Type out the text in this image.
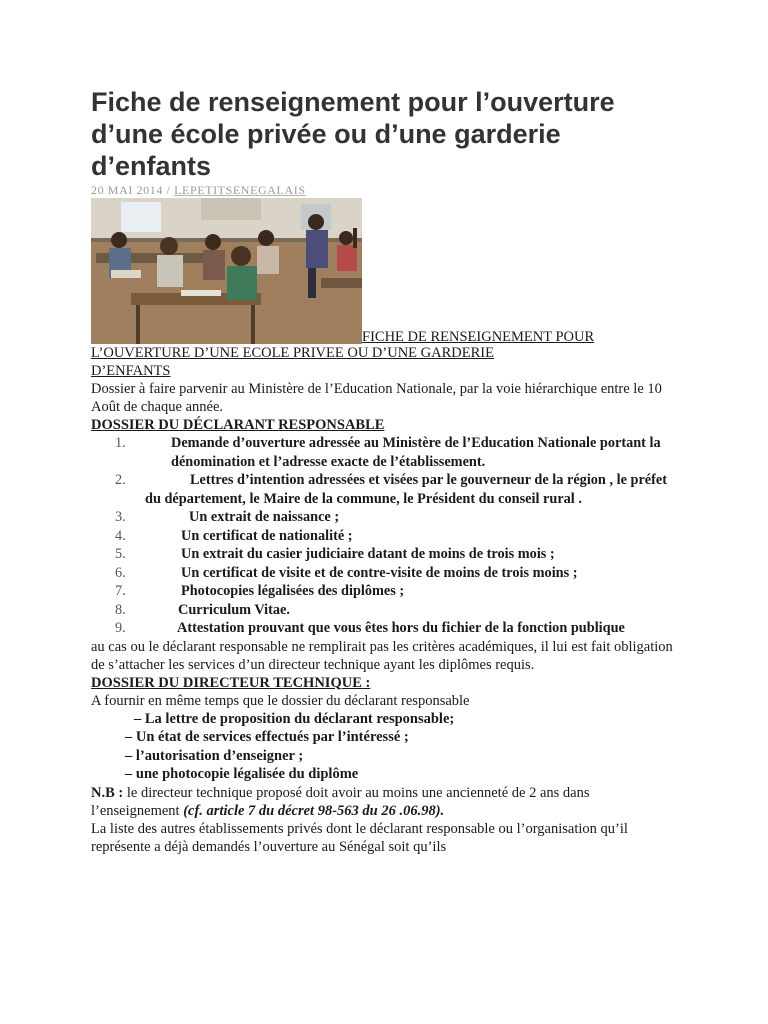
Fiche de renseignement pour l’ouverture d’une école privée ou d’une garderie d’enfants
20 MAI 2014 / LEPETITSENEGALAIS
FICHE DE RENSEIGNEMENT POUR
L’OUVERTURE D’UNE ECOLE PRIVEE OU D’UNE GARDERIE
D’ENFANTS

Dossier à faire parvenir au Ministère de l’Education Nationale, par la voie hiérarchique entre le 10 Août de chaque année.

DOSSIER DU DÉCLARANT RESPONSABLE
1.	Demande d’ouverture adressée au Ministère de l’Education Nationale portant la dénomination et l’adresse exacte de l’établissement.
2.	Lettres d’intention adressées et visées par le gouverneur de la région , le préfet du département, le Maire de la commune, le Président du conseil rural .
3.	Un extrait de naissance ;
4.	Un certificat de nationalité ;
5.	Un extrait du casier judiciaire datant de moins de trois mois ;
6.	Un certificat de visite et de contre-visite de moins de trois moins ;
7.	Photocopies légalisées des diplômes ;
8.	Curriculum Vitae.
9.	Attestation prouvant que vous êtes hors du fichier de la fonction publique

au cas ou le déclarant responsable ne remplirait pas les critères académiques, il lui est fait obligation de s’attacher les services d’un directeur technique ayant les diplômes requis.

DOSSIER DU DIRECTEUR TECHNIQUE :

A fournir en même temps que le dossier du déclarant responsable

– La lettre de proposition du déclarant responsable;
– Un état de services effectués par l’intéressé ;
– l’autorisation d’enseigner ;
– une photocopie légalisée du diplôme

N.B : le directeur technique proposé doit avoir au moins une ancienneté de 2 ans dans l’enseignement (cf. article 7 du décret 98-563 du 26 .06.98).

La liste des autres établissements privés dont le déclarant responsable ou l’organisation qu’il représente a déjà demandés l’ouverture au Sénégal soit qu’ils
